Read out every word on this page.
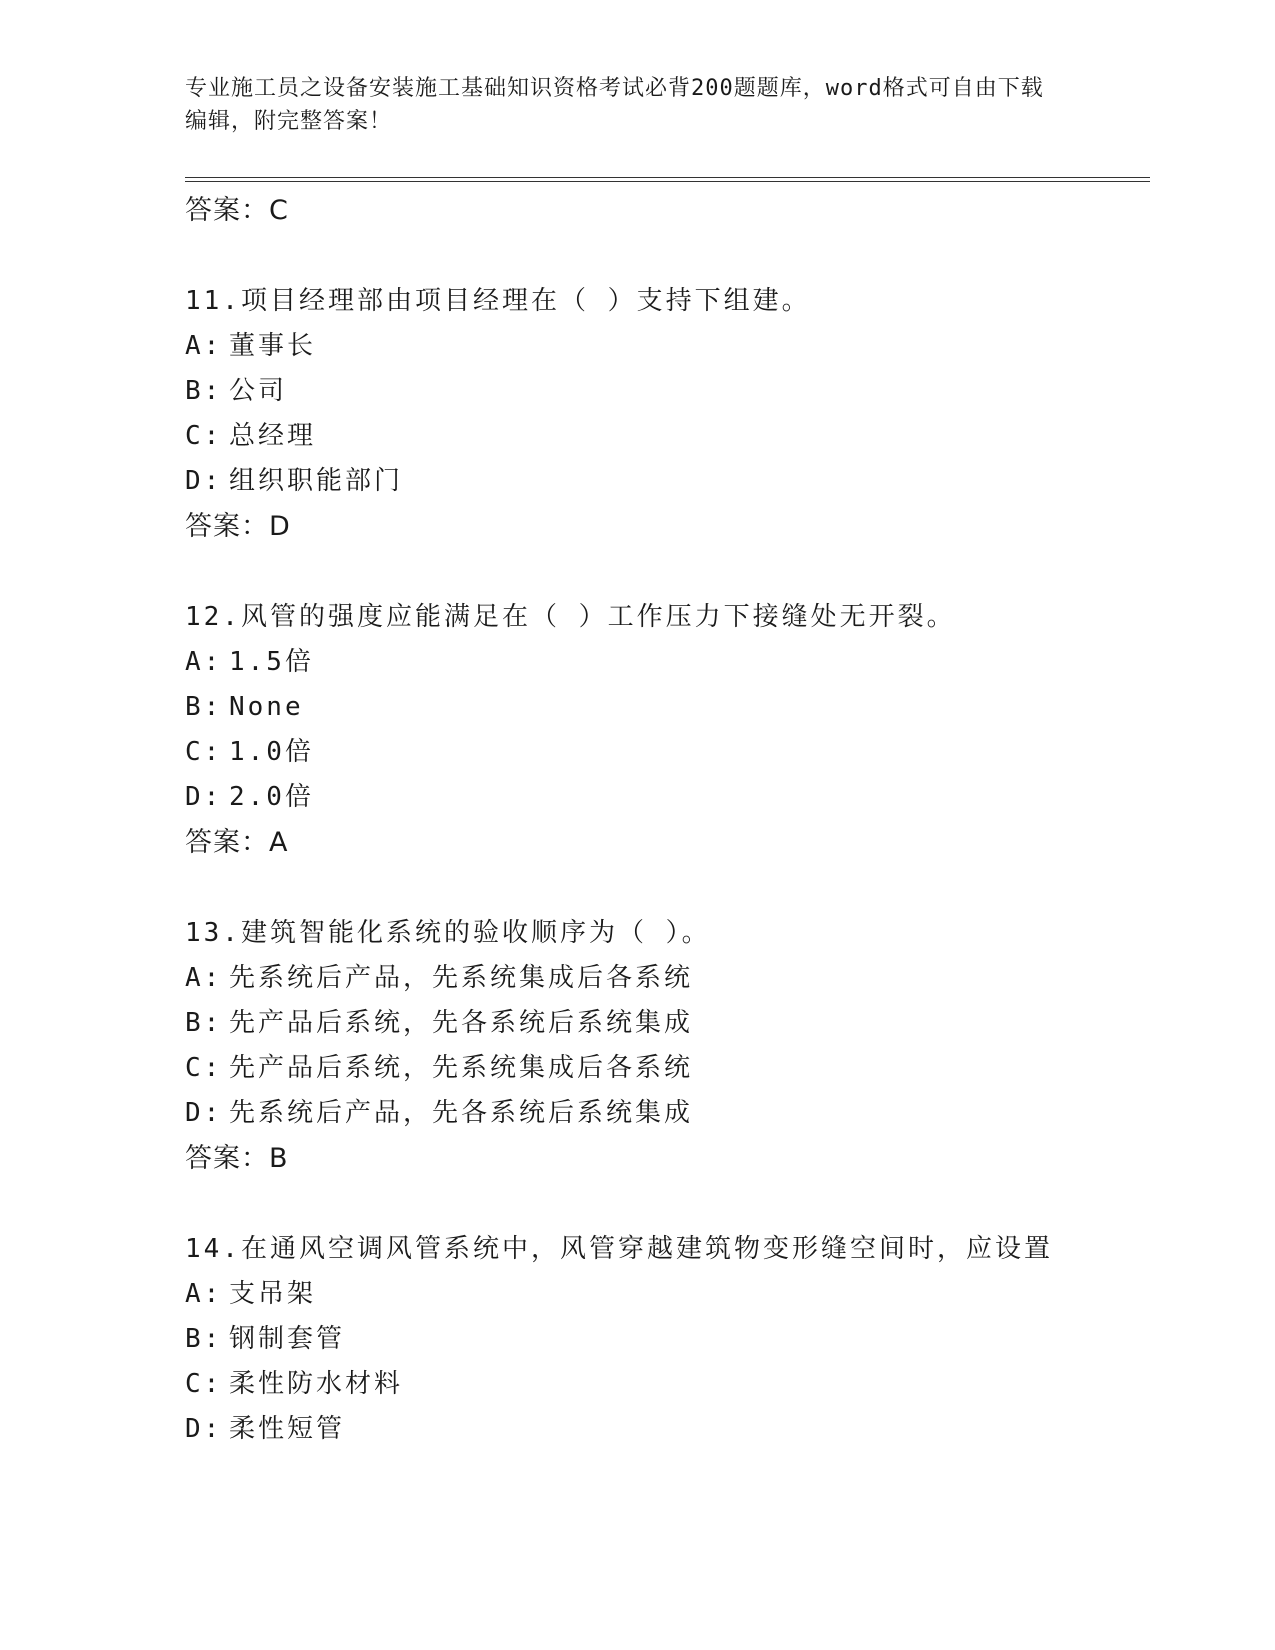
专业施工员之设备安装施工基础知识资格考试必背200题题库，word格式可自由下载编辑，附完整答案！
答案：C
11.项目经理部由项目经理在（ ）支持下组建。
A: 董事长
B: 公司
C: 总经理
D: 组织职能部门
答案：D
12.风管的强度应能满足在（ ）工作压力下接缝处无开裂。
A: 1.5倍
B: None
C: 1.0倍
D: 2.0倍
答案：A
13.建筑智能化系统的验收顺序为（ ）。
A: 先系统后产品，先系统集成后各系统
B: 先产品后系统，先各系统后系统集成
C: 先产品后系统，先系统集成后各系统
D: 先系统后产品，先各系统后系统集成
答案：B
14.在通风空调风管系统中，风管穿越建筑物变形缝空间时，应设置
A: 支吊架
B: 钢制套管
C: 柔性防水材料
D: 柔性短管
